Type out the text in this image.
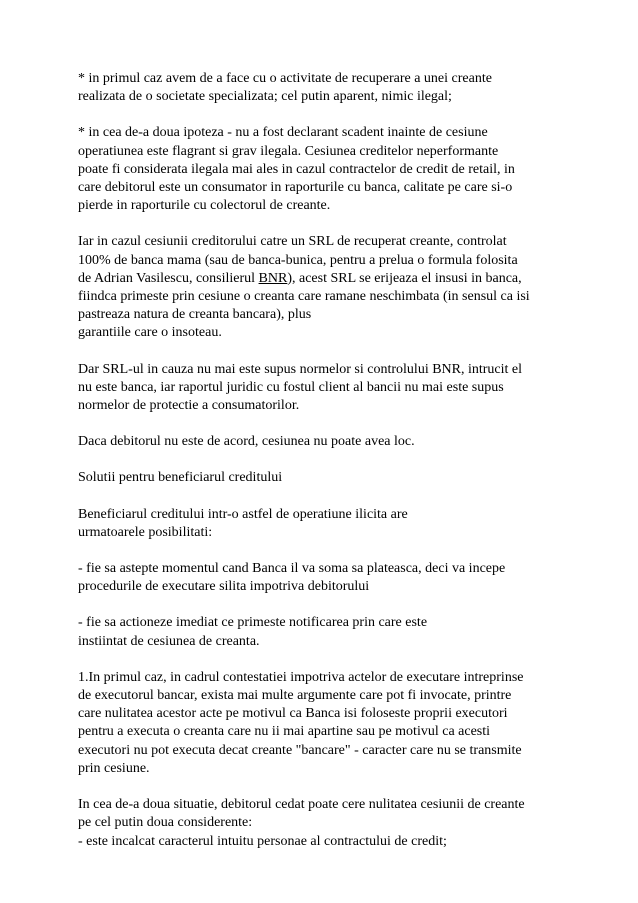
* in primul caz avem de a face cu o activitate de recuperare a unei creante
realizata de o societate specializata; cel putin aparent, nimic ilegal;

* in cea de-a doua ipoteza - nu a fost declarant scadent inainte de cesiune
operatiunea este flagrant si grav ilegala. Cesiunea creditelor neperformante
poate fi considerata ilegala mai ales in cazul contractelor de credit de retail, in
care debitorul este un consumator in raporturile cu banca, calitate pe care si-o
pierde in raporturile cu colectorul de creante.

Iar in cazul cesiunii creditorului catre un SRL de recuperat creante, controlat
100% de banca mama (sau de banca-bunica, pentru a prelua o formula folosita
de Adrian Vasilescu, consilierul BNR), acest SRL se erijeaza el insusi in banca,
fiindca primeste prin cesiune o creanta care ramane neschimbata (in sensul ca isi
pastreaza natura de creanta bancara), plus
garantiile care o insoteau.

Dar SRL-ul in cauza nu mai este supus normelor si controlului BNR, intrucit el
nu este banca, iar raportul juridic cu fostul client al bancii nu mai este supus
normelor de protectie a consumatorilor.

Daca debitorul nu este de acord, cesiunea nu poate avea loc.

Solutii pentru beneficiarul creditului

Beneficiarul creditului intr-o astfel de operatiune ilicita are
urmatoarele posibilitati:

- fie sa astepte momentul cand Banca il va soma sa plateasca, deci va incepe
procedurile de executare silita impotriva debitorului

- fie sa actioneze imediat ce primeste notificarea prin care este
instiintat de cesiunea de creanta.

1.In primul caz, in cadrul contestatiei impotriva actelor de executare intreprinse
de executorul bancar, exista mai multe argumente care pot fi invocate, printre
care nulitatea acestor acte pe motivul ca Banca isi foloseste proprii executori
pentru a executa o creanta care nu ii mai apartine sau pe motivul ca acesti
executori nu pot executa decat creante "bancare" - caracter care nu se transmite
prin cesiune.

In cea de-a doua situatie, debitorul cedat poate cere nulitatea cesiunii de creante
pe cel putin doua considerente:
- este incalcat caracterul intuitu personae al contractului de credit;
